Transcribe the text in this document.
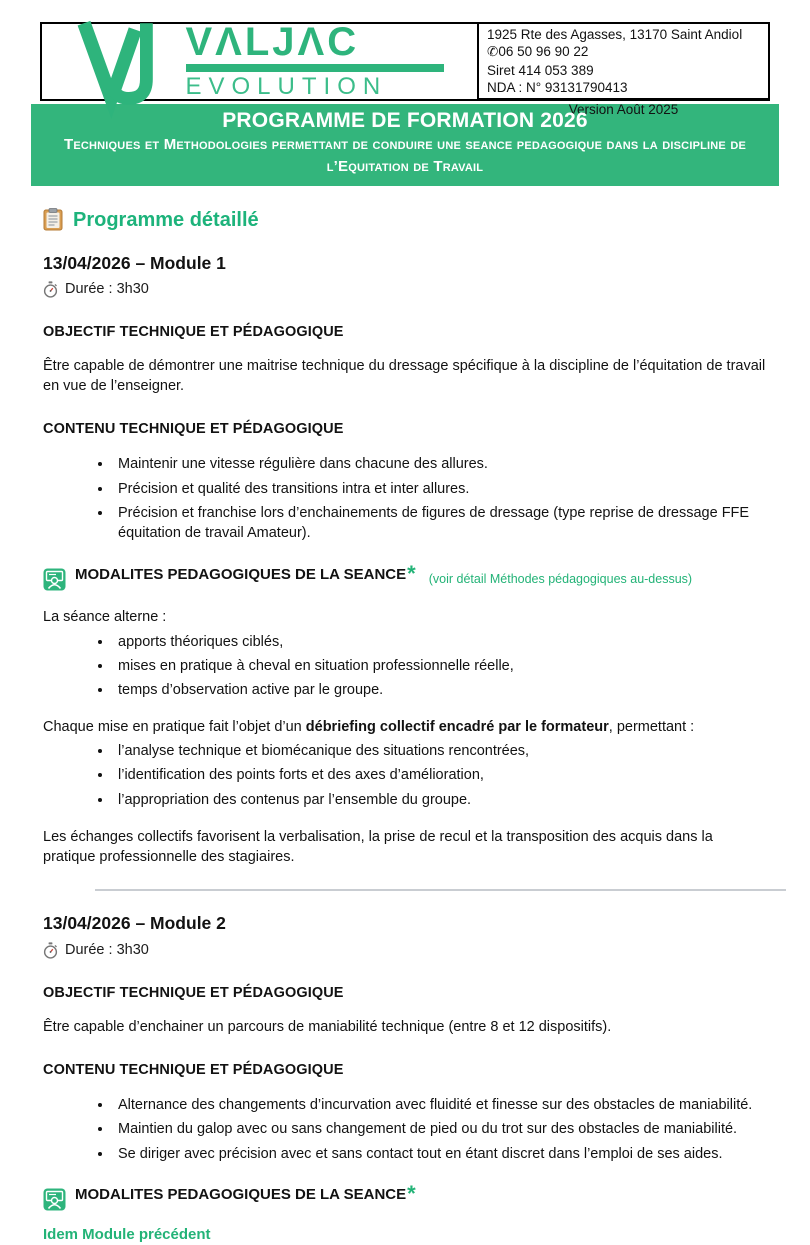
VΛLJΛC
EVOLUTION
1925 Rte des Agasses, 13170 Saint Andiol
✆06 50 96 90 22
Siret 414 053 389
NDA : N° 93131790413
Version Août 2025
PROGRAMME DE FORMATION 2026
Techniques et Methodologies permettant de conduire une seance pedagogique dans la discipline de l’Equitation de Travail
Programme détaillé
13/04/2026 – Module 1
Durée : 3h30
OBJECTIF TECHNIQUE ET PÉDAGOGIQUE
Être capable de démontrer une maitrise technique du dressage spécifique à la discipline de l’équitation de travail en vue de l’enseigner.
CONTENU TECHNIQUE ET PÉDAGOGIQUE
• Maintenir une vitesse régulière dans chacune des allures.
• Précision et qualité des transitions intra et inter allures.
• Précision et franchise lors d’enchainements de figures de dressage (type reprise de dressage FFE équitation de travail Amateur).
MODALITES PEDAGOGIQUES DE LA SEANCE* (voir détail Méthodes pédagogiques au-dessus)
La séance alterne :
• apports théoriques ciblés,
• mises en pratique à cheval en situation professionnelle réelle,
• temps d’observation active par le groupe.
Chaque mise en pratique fait l’objet d’un débriefing collectif encadré par le formateur, permettant :
• l’analyse technique et biomécanique des situations rencontrées,
• l’identification des points forts et des axes d’amélioration,
• l’appropriation des contenus par l’ensemble du groupe.
Les échanges collectifs favorisent la verbalisation, la prise de recul et la transposition des acquis dans la pratique professionnelle des stagiaires.
13/04/2026 – Module 2
Durée : 3h30
OBJECTIF TECHNIQUE ET PÉDAGOGIQUE
Être capable d’enchainer un parcours de maniabilité technique (entre 8 et 12 dispositifs).
CONTENU TECHNIQUE ET PÉDAGOGIQUE
• Alternance des changements d’incurvation avec fluidité et finesse sur des obstacles de maniabilité.
• Maintien du galop avec ou sans changement de pied ou du trot sur des obstacles de maniabilité.
• Se diriger avec précision avec et sans contact tout en étant discret dans l’emploi de ses aides.
MODALITES PEDAGOGIQUES DE LA SEANCE*
Idem Module précédent
